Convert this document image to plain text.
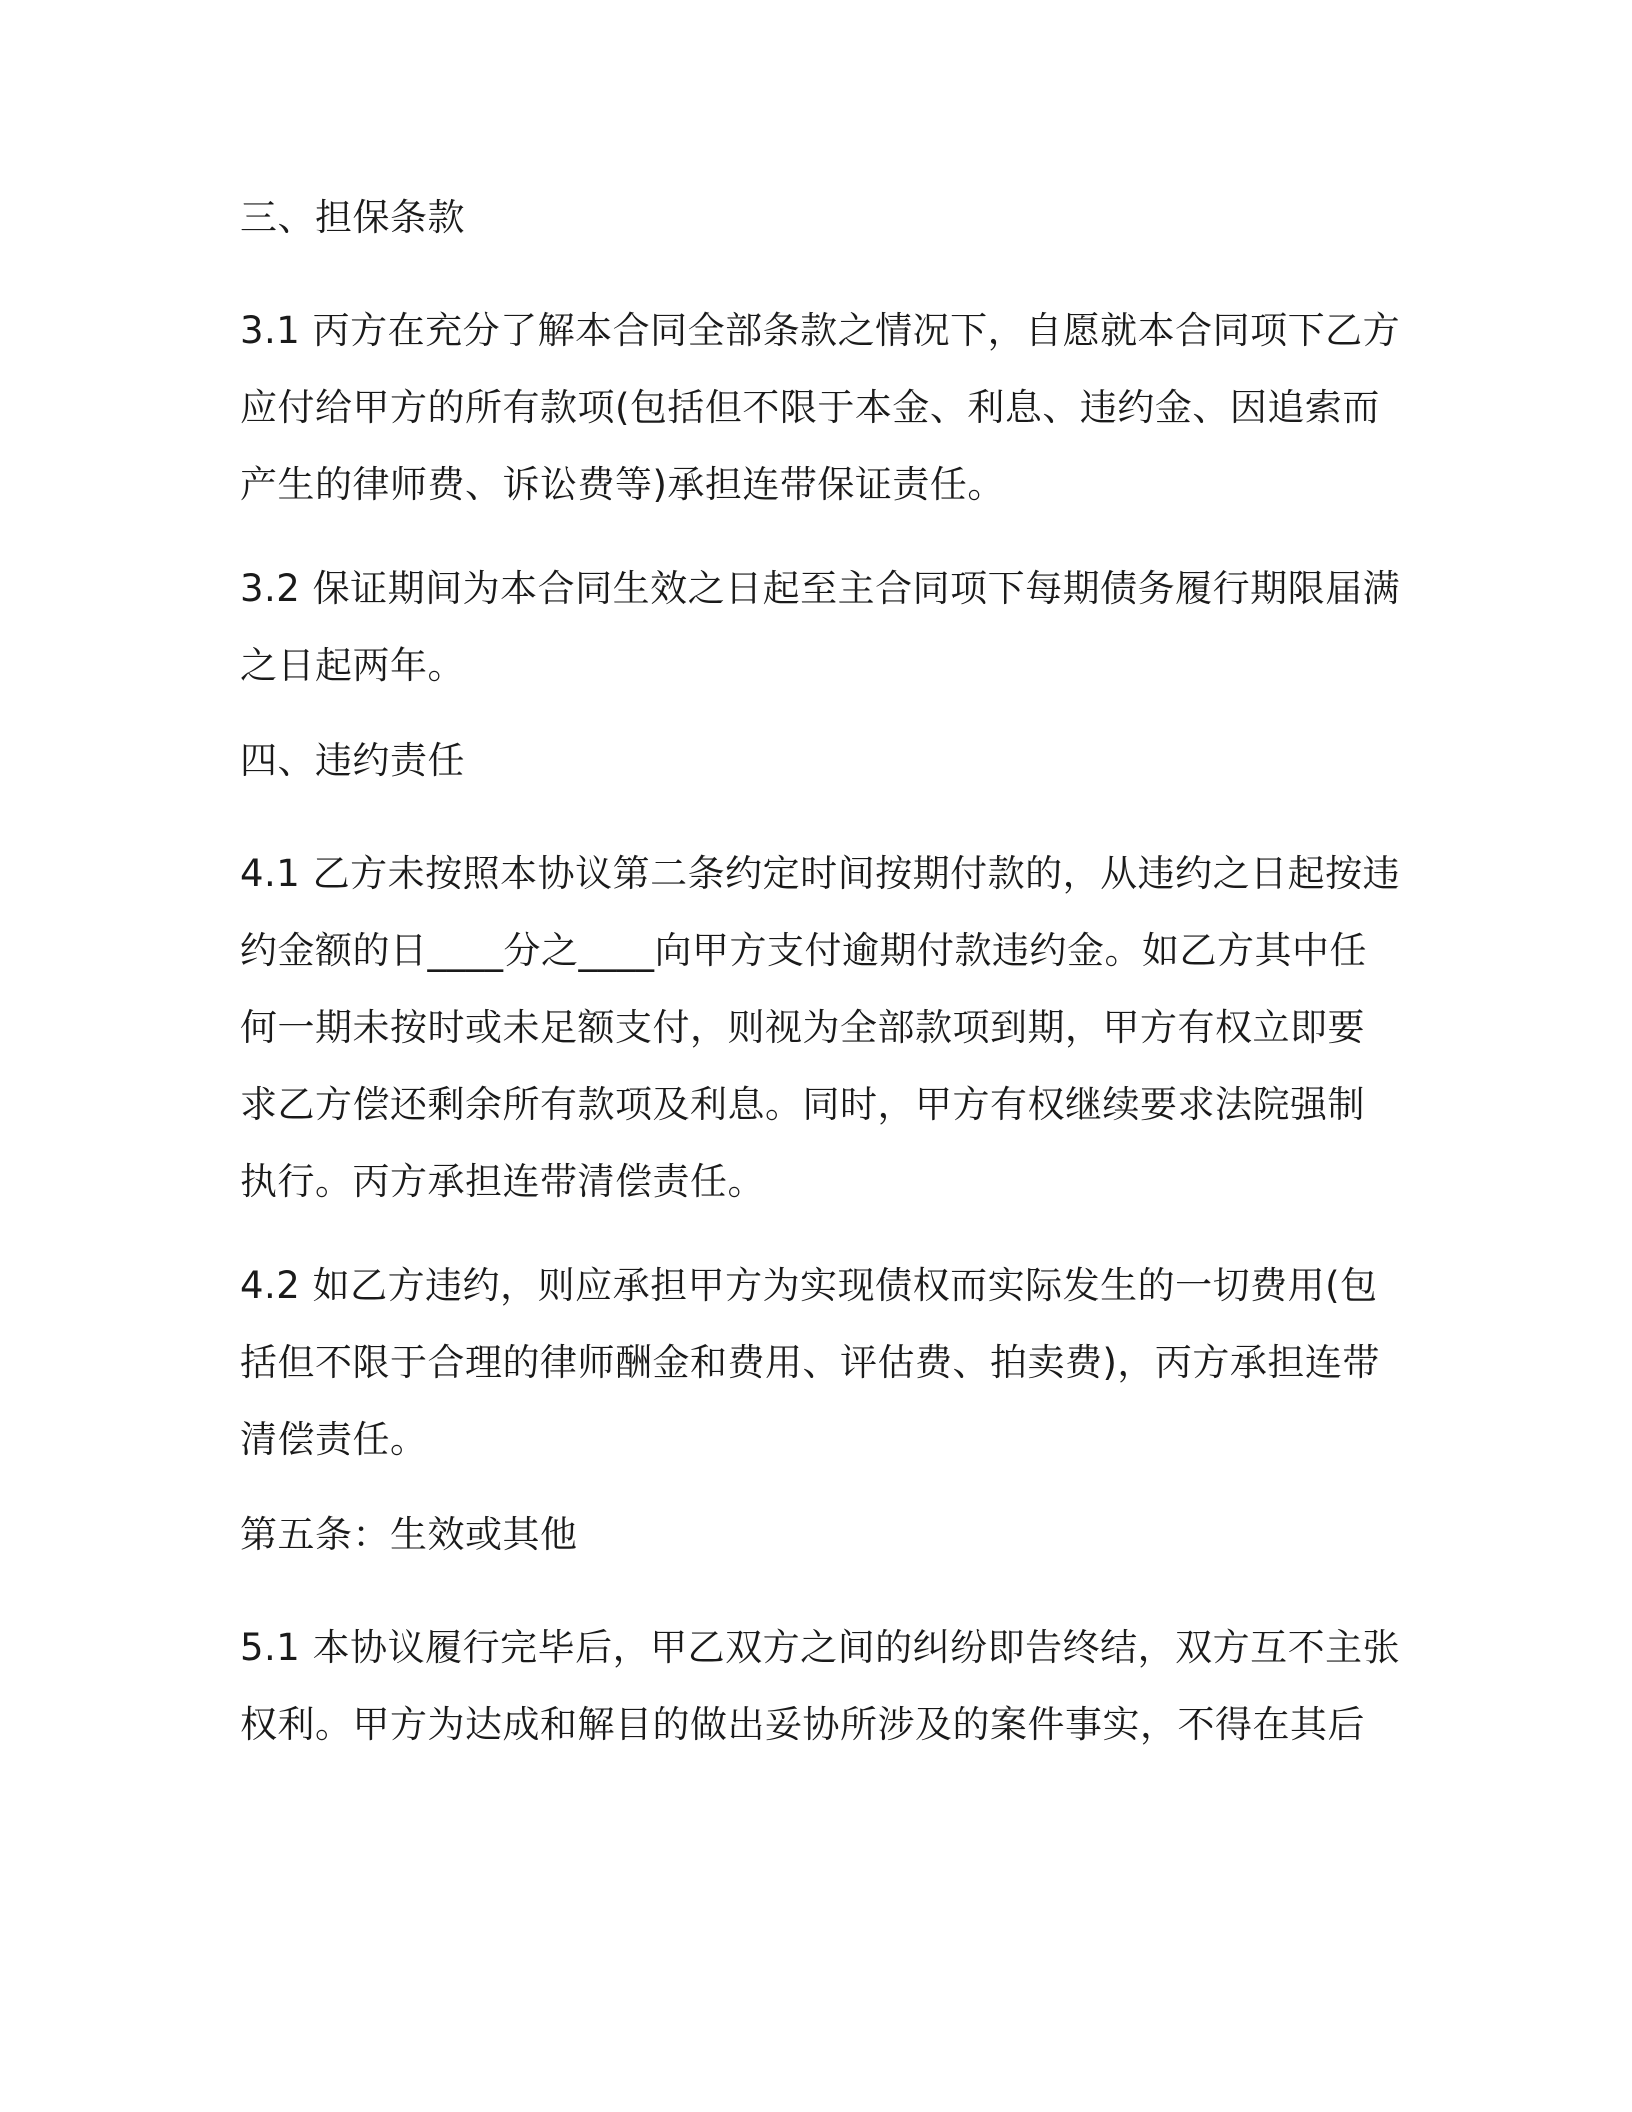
三、担保条款
3.1 丙方在充分了解本合同全部条款之情况下，自愿就本合同项下乙方
应付给甲方的所有款项(包括但不限于本金、利息、违约金、因追索而
产生的律师费、诉讼费等)承担连带保证责任。
3.2 保证期间为本合同生效之日起至主合同项下每期债务履行期限届满
之日起两年。
四、违约责任
4.1 乙方未按照本协议第二条约定时间按期付款的，从违约之日起按违
约金额的日____分之____向甲方支付逾期付款违约金。如乙方其中任
何一期未按时或未足额支付，则视为全部款项到期，甲方有权立即要
求乙方偿还剩余所有款项及利息。同时，甲方有权继续要求法院强制
执行。丙方承担连带清偿责任。
4.2 如乙方违约，则应承担甲方为实现债权而实际发生的一切费用(包
括但不限于合理的律师酬金和费用、评估费、拍卖费)，丙方承担连带
清偿责任。
第五条：生效或其他
5.1 本协议履行完毕后，甲乙双方之间的纠纷即告终结，双方互不主张
权利。甲方为达成和解目的做出妥协所涉及的案件事实，不得在其后
